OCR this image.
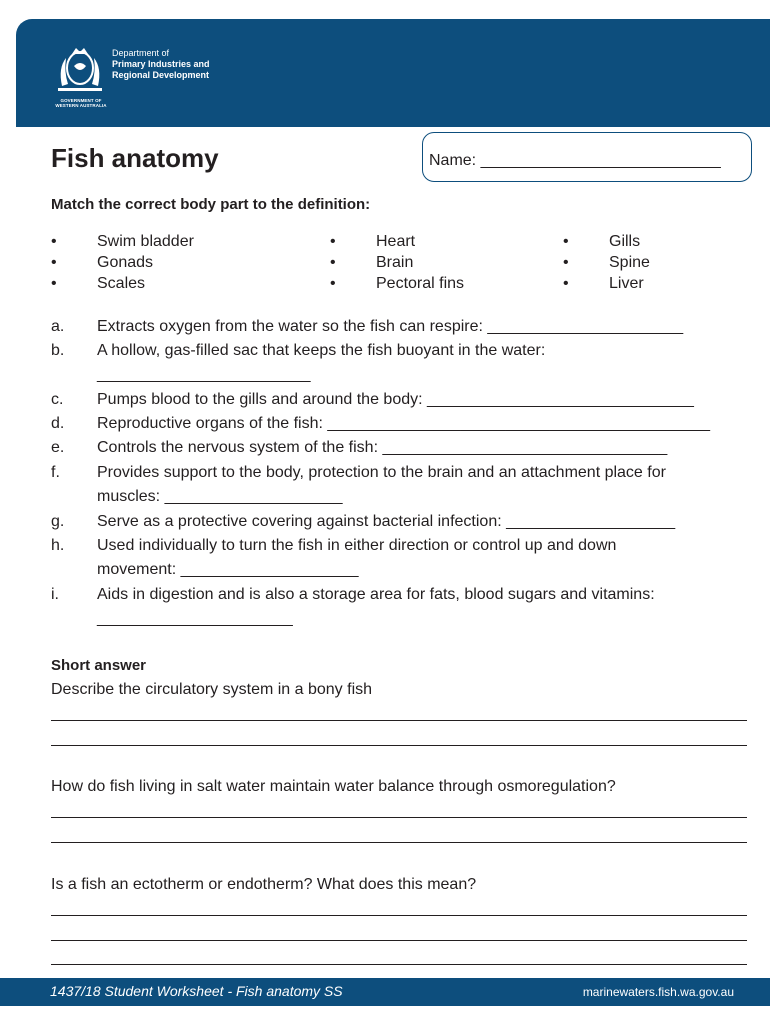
GOVERNMENT OF
WESTERN AUSTRALIA
Department of
Primary Industries and
Regional Development
Fish anatomy	Name: ___________________________
Match the correct body part to the definition:
•
•
•
Swim bladder
Gonads
Scales
•
•
•
Heart
Brain
Pectoral fins
•
•
•
Gills
Spine
Liver
a. Extracts oxygen from the water so the fish can respire: ______________________
b. A hollow, gas-filled sac that keeps the fish buoyant in the water:
________________________
c. Pumps blood to the gills and around the body: ______________________________
d. Reproductive organs of the fish: ___________________________________________
e. Controls the nervous system of the fish: ________________________________
f. Provides support to the body, protection to the brain and an attachment place for
muscles: ____________________
g. Serve as a protective covering against bacterial infection: ___________________
h. Used individually to turn the fish in either direction or control up and down
movement: ____________________
i. Aids in digestion and is also a storage area for fats, blood sugars and vitamins:
______________________
Short answer
Describe the circulatory system in a bony fish
How do fish living in salt water maintain water balance through osmoregulation?
Is a fish an ectotherm or endotherm? What does this mean?
1437/18 Student Worksheet - Fish anatomy SS	marinewaters.fish.wa.gov.au
